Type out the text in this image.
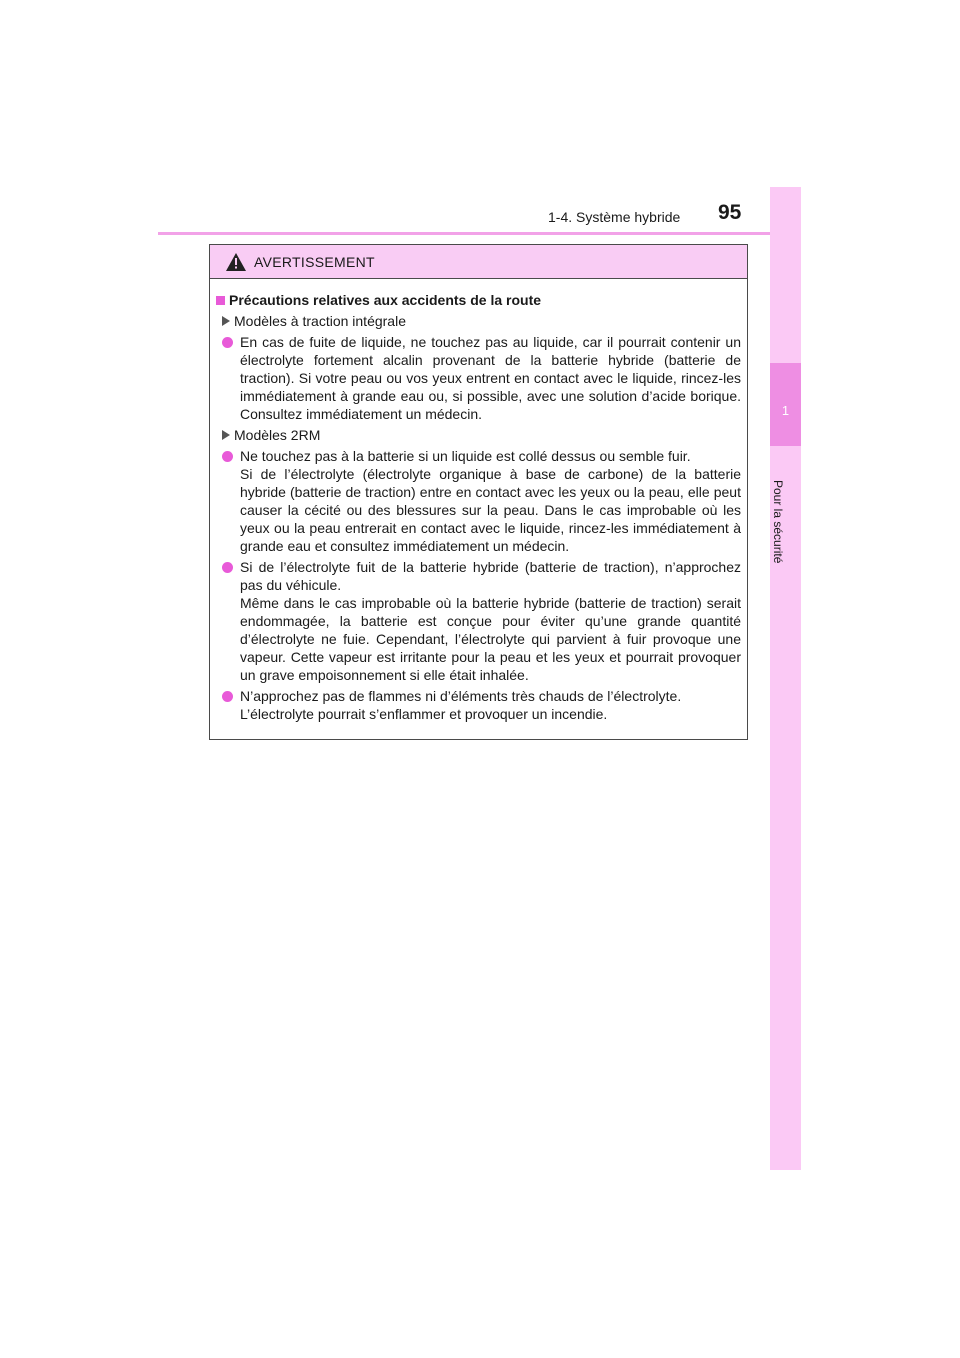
1-4. Système hybride 95
1
Pour la sécurité
AVERTISSEMENT
Précautions relatives aux accidents de la route
Modèles à traction intégrale

En cas de fuite de liquide, ne touchez pas au liquide, car il pourrait contenir un électrolyte fortement alcalin provenant de la batterie hybride (batterie de traction). Si votre peau ou vos yeux entrent en contact avec le liquide, rincez-les immédiatement à grande eau ou, si possible, avec une solution d’acide borique. Consultez immédiatement un médecin.

Modèles 2RM

Ne touchez pas à la batterie si un liquide est collé dessus ou semble fuir.

Si de l’électrolyte (électrolyte organique à base de carbone) de la batterie hybride (batterie de traction) entre en contact avec les yeux ou la peau, elle peut causer la cécité ou des blessures sur la peau. Dans le cas improbable où les yeux ou la peau entrerait en contact avec le liquide, rincez-les immédiatement à grande eau et consultez immédiatement un médecin.

Si de l’électrolyte fuit de la batterie hybride (batterie de traction), n’approchez pas du véhicule.

Même dans le cas improbable où la batterie hybride (batterie de traction) serait endommagée, la batterie est conçue pour éviter qu’une grande quantité d’électrolyte ne fuie. Cependant, l’électrolyte qui parvient à fuir provoque une vapeur. Cette vapeur est irritante pour la peau et les yeux et pourrait provoquer un grave empoisonnement si elle était inhalée.

N’approchez pas de flammes ni d’éléments très chauds de l’électrolyte.

L’électrolyte pourrait s’enflammer et provoquer un incendie.
